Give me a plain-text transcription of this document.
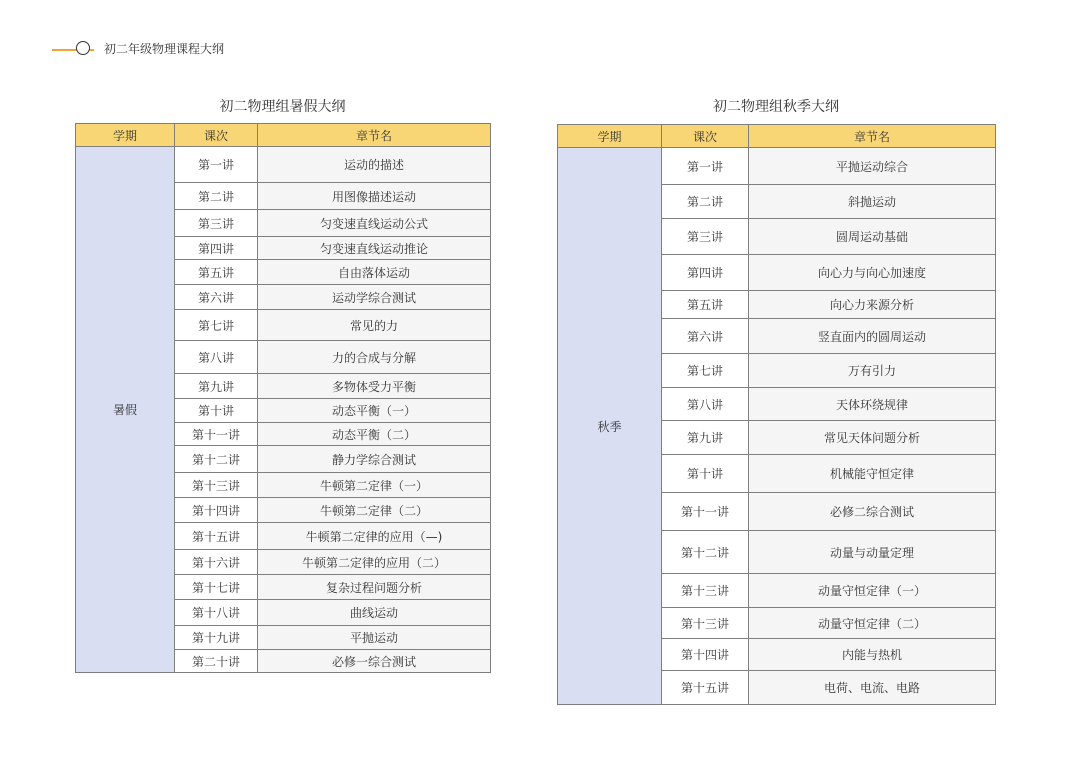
初二年级物理课程大纲
初二物理组暑假大纲
学期	课次	章节名
暑假	第一讲	运动的描述
	第二讲	用图像描述运动
	第三讲	匀变速直线运动公式
	第四讲	匀变速直线运动推论
	第五讲	自由落体运动
	第六讲	运动学综合测试
	第七讲	常见的力
	第八讲	力的合成与分解
	第九讲	多物体受力平衡
	第十讲	动态平衡（一）
	第十一讲	动态平衡（二）
	第十二讲	静力学综合测试
	第十三讲	牛顿第二定律（一）
	第十四讲	牛顿第二定律（二）
	第十五讲	牛顿第二定律的应用（—)
	第十六讲	牛顿第二定律的应用（二）
	第十七讲	复杂过程问题分析
	第十八讲	曲线运动
	第十九讲	平抛运动
	第二十讲	必修一综合测试
初二物理组秋季大纲
学期	课次	章节名
秋季	第一讲	平抛运动综合
	第二讲	斜抛运动
	第三讲	圆周运动基础
	第四讲	向心力与向心加速度
	第五讲	向心力来源分析
	第六讲	竖直面内的圆周运动
	第七讲	万有引力
	第八讲	天体环绕规律
	第九讲	常见天体问题分析
	第十讲	机械能守恒定律
	第十一讲	必修二综合测试
	第十二讲	动量与动量定理
	第十三讲	动量守恒定律（一）
	第十三讲	动量守恒定律（二）
	第十四讲	内能与热机
	第十五讲	电荷、电流、电路
